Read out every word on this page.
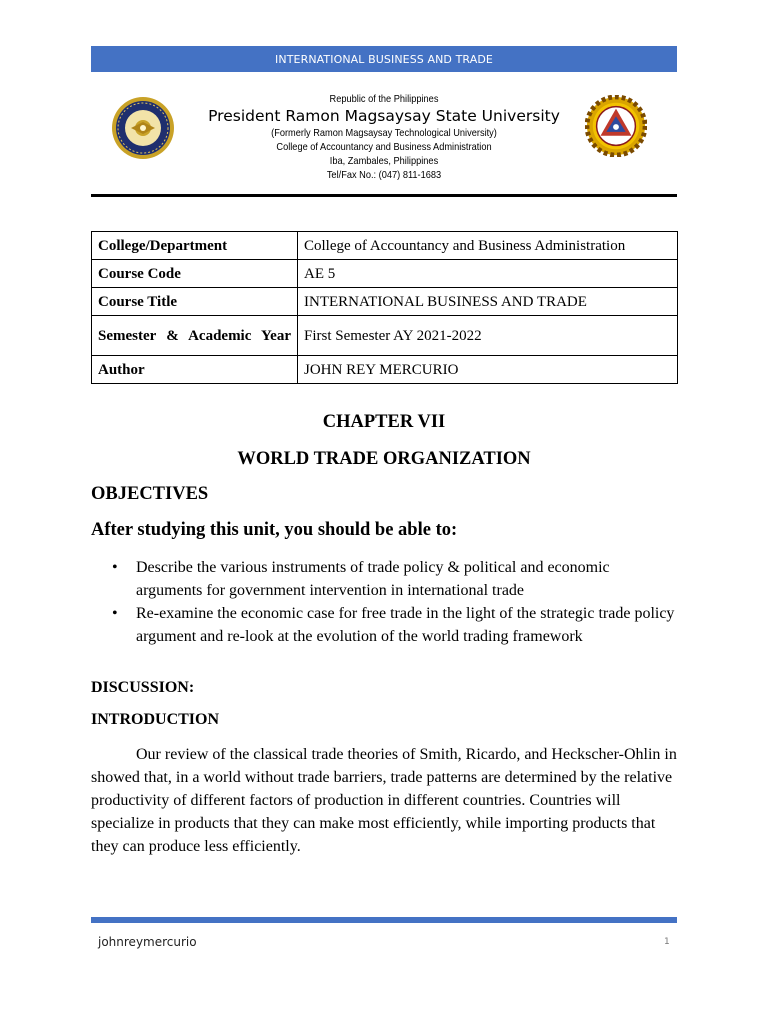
INTERNATIONAL BUSINESS AND TRADE
Republic of the Philippines
President Ramon Magsaysay State University
(Formerly Ramon Magsaysay Technological University)
College of Accountancy and Business Administration
Iba, Zambales, Philippines
Tel/Fax No.: (047) 811-1683
College/Department	College of Accountancy and Business Administration
Course Code	AE 5
Course Title	INTERNATIONAL BUSINESS AND TRADE

Semester & Academic Year	First Semester AY 2021-2022
Author	JOHN REY MERCURIO
CHAPTER VII
WORLD TRADE ORGANIZATION
OBJECTIVES
After studying this unit, you should be able to:
• Describe the various instruments of trade policy & political and economic arguments for government intervention in international trade
• Re-examine the economic case for free trade in the light of the strategic trade policy argument and re-look at the evolution of the world trading framework
DISCUSSION:
INTRODUCTION
Our review of the classical trade theories of Smith, Ricardo, and Heckscher-Ohlin in showed that, in a world without trade barriers, trade patterns are determined by the relative productivity of different factors of production in different countries. Countries will specialize in products that they can make most efficiently, while importing products that they can produce less efficiently.
johnreymercurio	1
